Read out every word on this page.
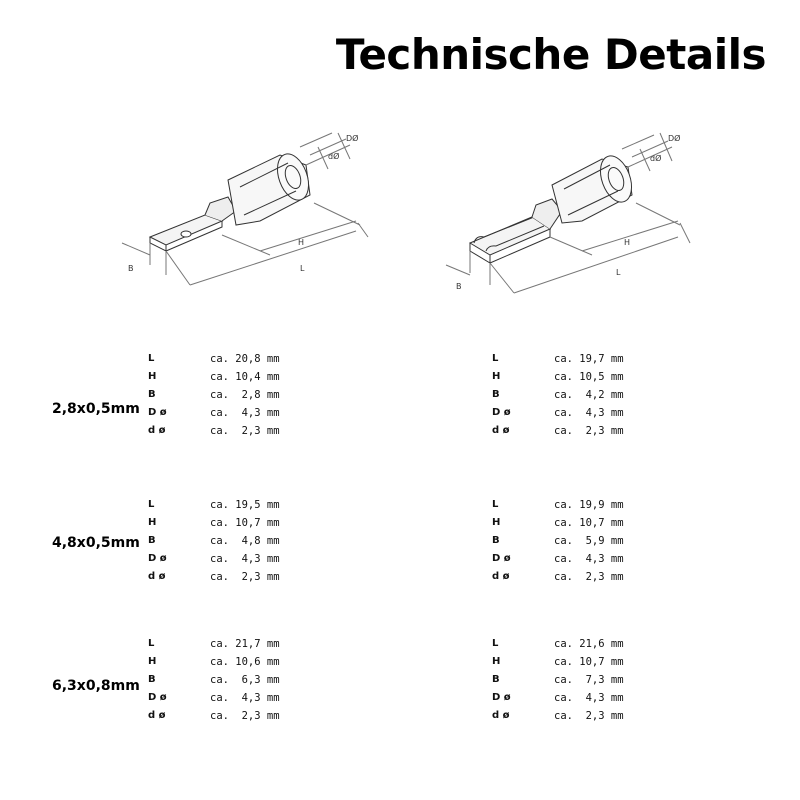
Technische Details
DØ
dØ
H
L
B
DØ
dØ
H
L
B
2,8x0,5mm
L	ca. 20,8 mm
H	ca. 10,4 mm
B	ca.  2,8 mm
D ø	ca.  4,3 mm
d ø	ca.  2,3 mm
L	ca. 19,7 mm
H	ca. 10,5 mm
B	ca.  4,2 mm
D ø	ca.  4,3 mm
d ø	ca.  2,3 mm
4,8x0,5mm
L	ca. 19,5 mm
H	ca. 10,7 mm
B	ca.  4,8 mm
D ø	ca.  4,3 mm
d ø	ca.  2,3 mm
L	ca. 19,9 mm
H	ca. 10,7 mm
B	ca.  5,9 mm
D ø	ca.  4,3 mm
d ø	ca.  2,3 mm
6,3x0,8mm
L	ca. 21,7 mm
H	ca. 10,6 mm
B	ca.  6,3 mm
D ø	ca.  4,3 mm
d ø	ca.  2,3 mm
L	ca. 21,6 mm
H	ca. 10,7 mm
B	ca.  7,3 mm
D ø	ca.  4,3 mm
d ø	ca.  2,3 mm
